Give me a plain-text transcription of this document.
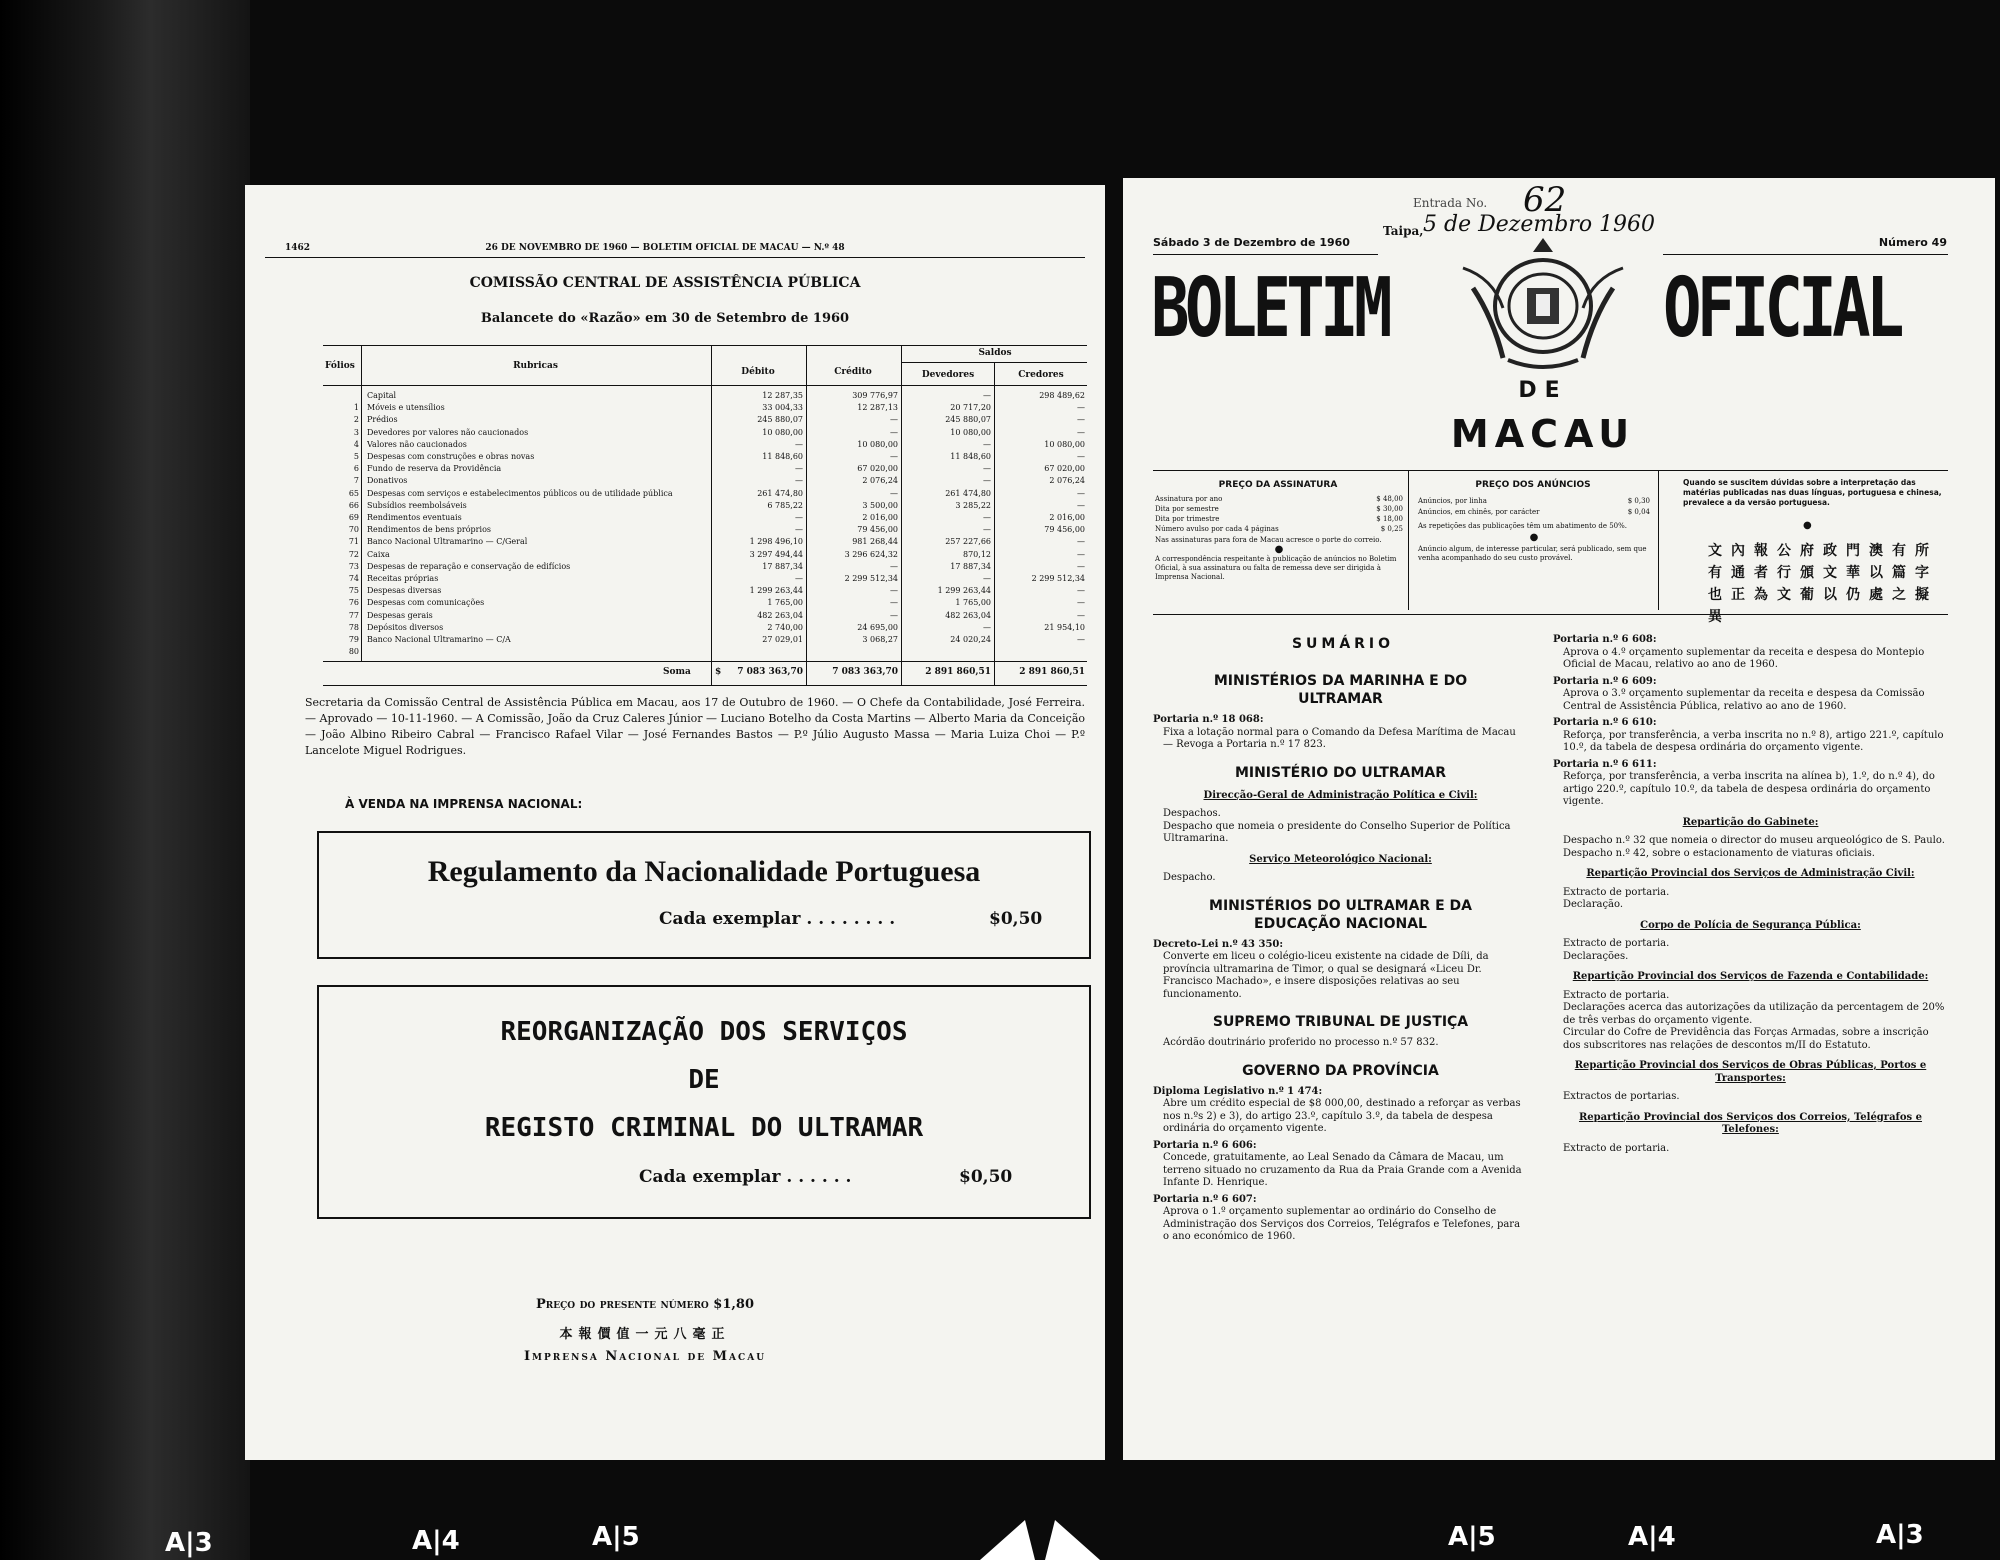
1462	26 DE NOVEMBRO DE 1960 — BOLETIM OFICIAL DE MACAU — N.º 48
COMISSÃO CENTRAL DE ASSISTÊNCIA PÚBLICA
Balancete do «Razão» em 30 de Setembro de 1960
Fólios	Rubricas
Débito	Crédito
Saldos
Devedores	Credores
Capital	12 287,35	309 776,97	—	298 489,62
1 Móveis e utensílios	33 004,33	12 287,13	20 717,20	—
2 Prédios	245 880,07	—	245 880,07	—
3 Devedores por valores não caucionados	10 080,00	—	10 080,00	—
4 Valores não caucionados	—	10 080,00	—	10 080,00
5 Despesas com construções e obras novas	11 848,60	—	11 848,60	—
6 Fundo de reserva da Providência	—	67 020,00	—	67 020,00
7 Donativos	—	2 076,24	—	2 076,24
65 Despesas com serviços e estabelecimentos públicos ou de utilidade pública	261 474,80	—	261 474,80	—
66 Subsídios reembolsáveis	6 785,22	3 500,00	3 285,22	—
69 Rendimentos eventuais	—	2 016,00	—	2 016,00
70 Rendimentos de bens próprios	—	79 456,00	—	79 456,00
71 Banco Nacional Ultramarino — C/Geral	1 298 496,10	981 268,44	257 227,66	—
72 Caixa	3 297 494,44	3 296 624,32	870,12	—
73 Despesas de reparação e conservação de edifícios	17 887,34	—	17 887,34	—
74 Receitas próprias	—	2 299 512,34	—	2 299 512,34
75 Despesas diversas	1 299 263,44	—	1 299 263,44	—
76 Despesas com comunicações	1 765,00	—	1 765,00	—
77 Despesas gerais	482 263,04	—	482 263,04	—
78 Depósitos diversos	2 740,00	24 695,00	—	21 954,10
79 Banco Nacional Ultramarino — C/A	27 029,01	3 068,27	24 020,24	—
80
Soma	$ 7 083 363,70	7 083 363,70	2 891 860,51	2 891 860,51
Secretaria da Comissão Central de Assistência Pública em Macau, aos 17 de Outubro de 1960. — O Chefe da Contabilidade, José Ferreira. — Aprovado — 10-11-1960. — A Comissão, João da Cruz Caleres Júnior — Luciano Botelho da Costa Martins — Alberto Maria da Conceição — João Albino Ribeiro Cabral — Francisco Rafael Vilar — José Fernandes Bastos — P.º Júlio Augusto Massa — Maria Luiza Choi — P.º Lancelote Miguel Rodrigues.
À VENDA NA IMPRENSA NACIONAL:
Regulamento da Nacionalidade Portuguesa
Cada exemplar . . . . . . . .	$0,50
REORGANIZAÇÃO DOS SERVIÇOS
DE
REGISTO CRIMINAL DO ULTRAMAR
Cada exemplar . . . . . .	$0,50
Preço do presente número $1,80
本報價值一元八毫正
Imprensa Nacional de Macau
Entrada No. 62
Taipa, 5 de Dezembro 1960
Sábado 3 de Dezembro de 1960	Número 49
BOLETIM	OFICIAL
DE
MACAU
PREÇO DA ASSINATURA
Assinatura por ano	$ 48,00
Dita por semestre	$ 30,00
Dita por trimestre	$ 18,00
Número avulso por cada 4 páginas	$ 0,25
Nas assinaturas para fora de Macau acresce o porte do correio.
●
A correspondência respeitante à publicação de anúncios no Boletim Oficial, à sua assinatura ou falta de remessa deve ser dirigida à Imprensa Nacional.
PREÇO DOS ANÚNCIOS
Anúncios, por linha	$ 0,30
Anúncios, em chinês, por carácter	$ 0,04
As repetições das publicações têm um abatimento de 50%.
●
Anúncio algum, de interesse particular, será publicado, sem que venha acompanhado do seu custo provável.
Quando se suscitem dúvidas sobre a interpretação das matérias publicadas nas duas línguas, portuguesa e chinesa, prevalece a da versão portuguesa.
●
文內報公府政門澳有所
有通者行頒文華以篇字
也正為文葡以仍處之擬異
SUMÁRIO
MINISTÉRIOS DA MARINHA E DO ULTRAMAR
Portaria n.º 18 068:
Fixa a lotação normal para o Comando da Defesa Marítima de Macau — Revoga a Portaria n.º 17 823.
MINISTÉRIO DO ULTRAMAR
Direcção-Geral de Administração Política e Civil:
Despachos.
Despacho que nomeia o presidente do Conselho Superior de Política Ultramarina.
Serviço Meteorológico Nacional:
Despacho.
MINISTÉRIOS DO ULTRAMAR E DA EDUCAÇÃO NACIONAL
Decreto-Lei n.º 43 350:
Converte em liceu o colégio-liceu existente na cidade de Díli, da província ultramarina de Timor, o qual se designará «Liceu Dr. Francisco Machado», e insere disposições relativas ao seu funcionamento.
SUPREMO TRIBUNAL DE JUSTIÇA
Acórdão doutrinário proferido no processo n.º 57 832.
GOVERNO DA PROVÍNCIA
Diploma Legislativo n.º 1 474:
Abre um crédito especial de $8 000,00, destinado a reforçar as verbas nos n.ºs 2) e 3), do artigo 23.º, capítulo 3.º, da tabela de despesa ordinária do orçamento vigente.
Portaria n.º 6 606:
Concede, gratuitamente, ao Leal Senado da Câmara de Macau, um terreno situado no cruzamento da Rua da Praia Grande com a Avenida Infante D. Henrique.
Portaria n.º 6 607:
Aprova o 1.º orçamento suplementar ao ordinário do Conselho de Administração dos Serviços dos Correios, Telégrafos e Telefones, para o ano económico de 1960.
Portaria n.º 6 608:
Aprova o 4.º orçamento suplementar da receita e despesa do Montepio Oficial de Macau, relativo ao ano de 1960.
Portaria n.º 6 609:
Aprova o 3.º orçamento suplementar da receita e despesa da Comissão Central de Assistência Pública, relativo ao ano de 1960.
Portaria n.º 6 610:
Reforça, por transferência, a verba inscrita no n.º 8), artigo 221.º, capítulo 10.º, da tabela de despesa ordinária do orçamento vigente.
Portaria n.º 6 611:
Reforça, por transferência, a verba inscrita na alínea b), 1.º, do n.º 4), do artigo 220.º, capítulo 10.º, da tabela de despesa ordinária do orçamento vigente.
Repartição do Gabinete:
Despacho n.º 32 que nomeia o director do museu arqueológico de S. Paulo.
Despacho n.º 42, sobre o estacionamento de viaturas oficiais.
Repartição Provincial dos Serviços de Administração Civil:
Extracto de portaria.
Declaração.
Corpo de Polícia de Segurança Pública:
Extracto de portaria.
Declarações.
Repartição Provincial dos Serviços de Fazenda e Contabilidade:
Extracto de portaria.
Declarações acerca das autorizações da utilização da percentagem de 20% de três verbas do orçamento vigente.
Circular do Cofre de Previdência das Forças Armadas, sobre a inscrição dos subscritores nas relações de descontos m/II do Estatuto.
Repartição Provincial dos Serviços de Obras Públicas, Portos e Transportes:
Extractos de portarias.
Repartição Provincial dos Serviços dos Correios, Telégrafos e Telefones:
Extracto de portaria.
A|3	A|4	A|5	A|5	A|4	A|3
